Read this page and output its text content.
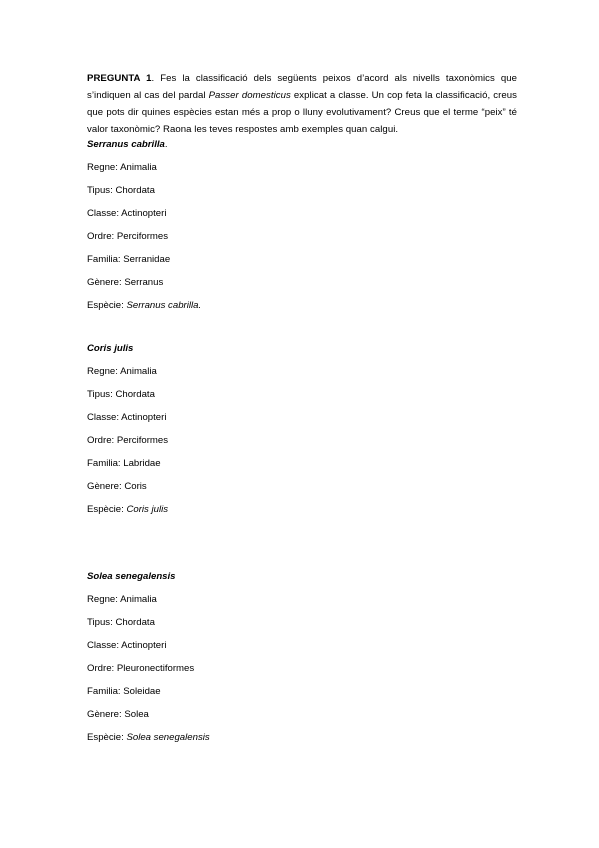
PREGUNTA 1. Fes la classificació dels següents peixos d’acord als nivells taxonòmics que s’indiquen al cas del pardal Passer domesticus explicat a classe. Un cop feta la classificació, creus que pots dir quines espècies estan més a prop o lluny evolutivament? Creus que el terme “peix” té valor taxonòmic? Raona les teves respostes amb exemples quan calgui.

Serranus cabrilla.
Regne: Animalia
Tipus: Chordata
Classe: Actinopteri
Ordre: Perciformes
Familia: Serranidae
Gènere: Serranus
Espècie: Serranus cabrilla.
Coris julis
Regne: Animalia
Tipus: Chordata
Classe: Actinopteri
Ordre: Perciformes
Familia: Labridae
Gènere: Coris
Espècie: Coris julis
Solea senegalensis
Regne: Animalia
Tipus: Chordata
Classe: Actinopteri
Ordre: Pleuronectiformes
Familia: Soleidae
Gènere: Solea
Espècie: Solea senegalensis
